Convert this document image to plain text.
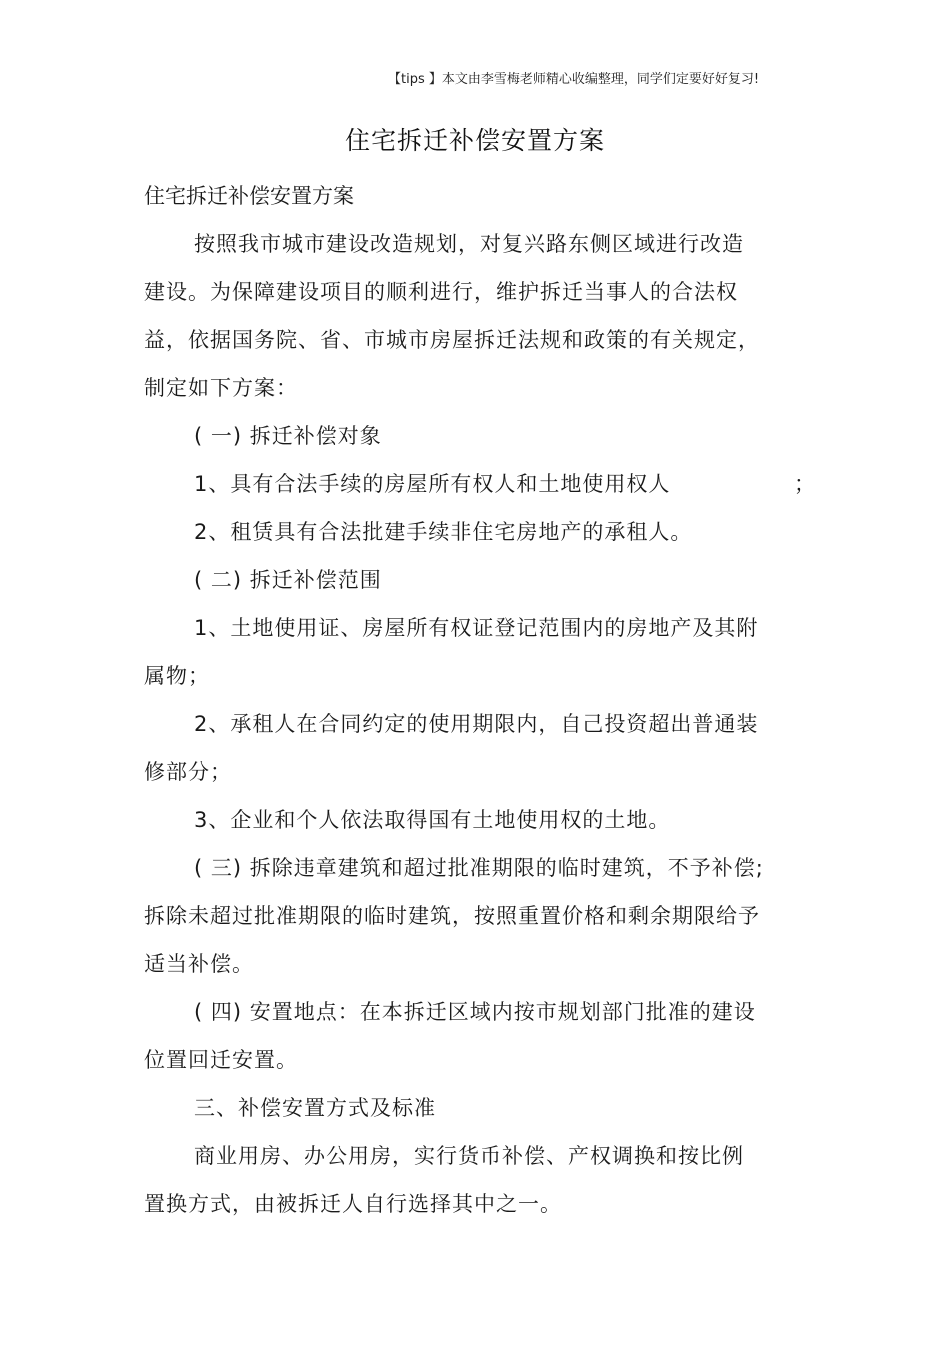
【tips 】本文由李雪梅老师精心收编整理，同学们定要好好复习!
住宅拆迁补偿安置方案
住宅拆迁补偿安置方案

按照我市城市建设改造规划，对复兴路东侧区域进行改造建设。为保障建设项目的顺利进行，维护拆迁当事人的合法权益，依据国务院、省、市城市房屋拆迁法规和政策的有关规定，制定如下方案：

( 一) 拆迁补偿对象

1、具有合法手续的房屋所有权人和土地使用权人	；

2、租赁具有合法批建手续非住宅房地产的承租人。

( 二) 拆迁补偿范围

1、土地使用证、房屋所有权证登记范围内的房地产及其附属物；

2、承租人在合同约定的使用期限内，自己投资超出普通装修部分；

3、企业和个人依法取得国有土地使用权的土地。

( 三) 拆除违章建筑和超过批准期限的临时建筑，不予补偿; 拆除未超过批准期限的临时建筑，按照重置价格和剩余期限给予适当补偿。

( 四) 安置地点：在本拆迁区域内按市规划部门批准的建设位置回迁安置。

三、补偿安置方式及标准

商业用房、办公用房，实行货币补偿、产权调换和按比例置换方式，由被拆迁人自行选择其中之一。
